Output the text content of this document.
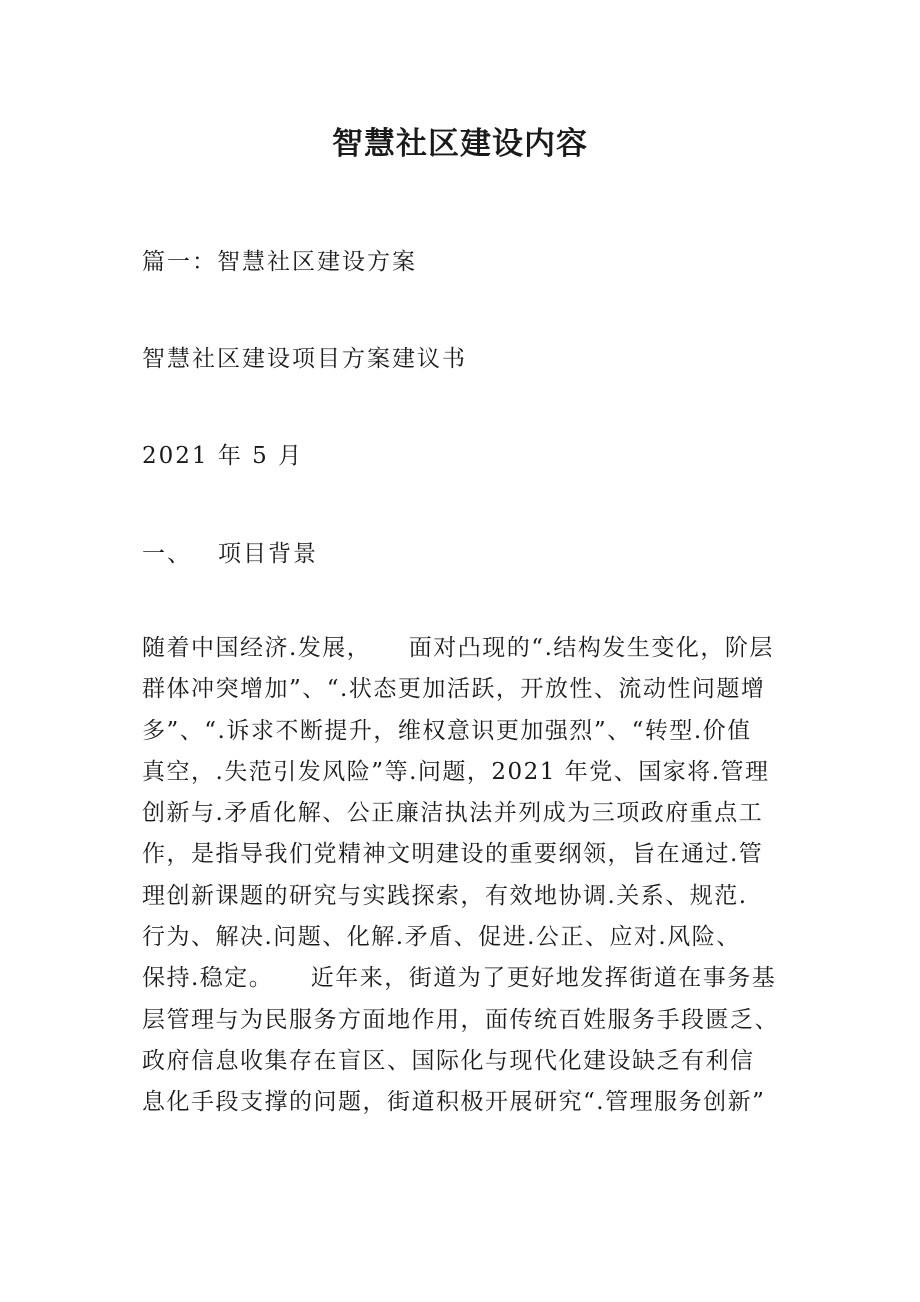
智慧社区建设内容

篇一：智慧社区建设方案

智慧社区建设项目方案建议书

2021 年 5 月

一、 项目背景

随着中国经济.发展，　　面对凸现的“.结构发生变化，阶层
群体冲突增加”、“.状态更加活跃，开放性、流动性问题增
多”、“.诉求不断提升，维权意识更加强烈”、“转型.价值
真空，.失范引发风险”等.问题，2021 年党、国家将.管理
创新与.矛盾化解、公正廉洁执法并列成为三项政府重点工
作，是指导我们党精神文明建设的重要纲领，旨在通过.管
理创新课题的研究与实践探索，有效地协调.关系、规范.
行为、解决.问题、化解.矛盾、促进.公正、应对.风险、
保持.稳定。　　近年来，街道为了更好地发挥街道在事务基
层管理与为民服务方面地作用，面传统百姓服务手段匮乏、
政府信息收集存在盲区、国际化与现代化建设缺乏有利信
息化手段支撑的问题，街道积极开展研究“.管理服务创新”
